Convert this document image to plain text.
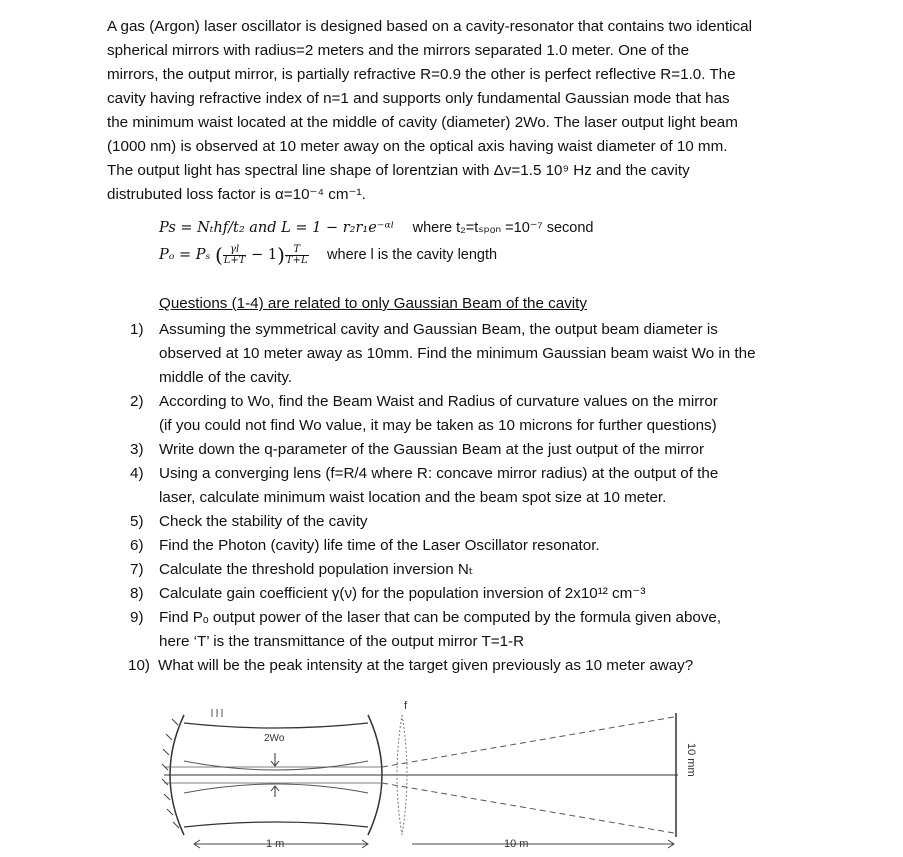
A gas (Argon) laser oscillator is designed based on a cavity-resonator that contains two identical
spherical mirrors with radius=2 meters and the mirrors separated 1.0 meter. One of the
mirrors, the output mirror, is partially refractive R=0.9 the other is perfect reflective R=1.0. The
cavity having refractive index of n=1 and supports only fundamental Gaussian mode that has
the minimum waist located at the middle of cavity (diameter) 2Wo. The laser output light beam
(1000 nm) is observed at 10 meter away on the optical axis having waist diameter of 10 mm.
The output light has spectral line shape of lorentzian with Δv=1.5 10⁹ Hz and the cavity
distrubuted loss factor is α=10⁻⁴ cm⁻¹.
Ps = Nₜhf/t₂ and L = 1 − r₂r₁e⁻ᵅˡ where t₂=tₛₚₒₙ =10⁻⁷ second
Pₒ = Pₛ ( $\frac{\gamma l}{L+T} - 1) \frac{T}{T+L}$ where l is the cavity length
Questions (1-4) are related to only Gaussian Beam of the cavity
1) Assuming the symmetrical cavity and Gaussian Beam, the output beam diameter is
observed at 10 meter away as 10mm. Find the minimum Gaussian beam waist Wo in the
middle of the cavity.
2) According to Wo, find the Beam Waist and Radius of curvature values on the mirror
(if you could not find Wo value, it may be taken as 10 microns for further questions)
3) Write down the q-parameter of the Gaussian Beam at the just output of the mirror
4) Using a converging lens (f=R/4 where R: concave mirror radius) at the output of the
laser, calculate minimum waist location and the beam spot size at 10 meter.
5) Check the stability of the cavity
6) Find the Photon (cavity) life time of the Laser Oscillator resonator.
7) Calculate the threshold population inversion Nₜ
8) Calculate gain coefficient γ(ν) for the population inversion of 2x10¹² cm⁻³
9) Find Pₒ output power of the laser that can be computed by the formula given above,
here ‘T’ is the transmittance of the output mirror T=1-R
10) What will be the peak intensity at the target given previously as 10 meter away?
2Wo
f
10 mm
1 m	10 m
